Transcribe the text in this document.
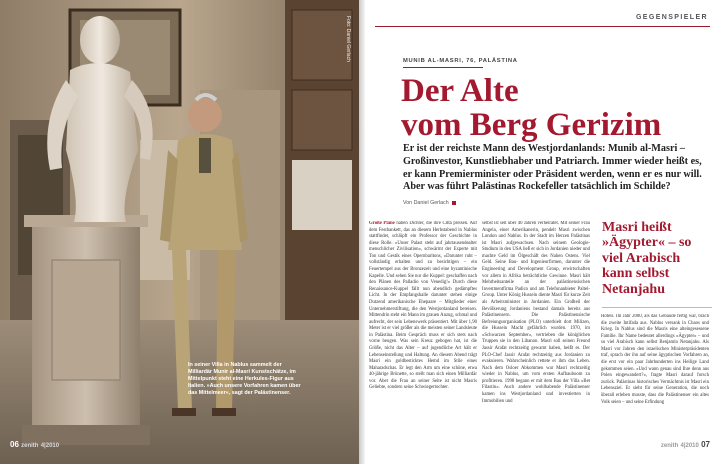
Foto: Daniel Gerlach
In seiner Villa in Nablus sammelt der Milliardär Munir al-Masri Kunstschätze, im Mittelpunkt steht eine Herkules-Figur aus Italien. »Auch unsere Vorfahren kamen über das Mittelmeer«, sagt der Palästinenser.
06 zenith 4|2010
GEGENSPIELER
MUNIB AL-MASRI, 76, PALÄSTINA
Der Alte
vom Berg Gerizim

Er ist der reichste Mann des Westjordanlands: Munib al-Masri – Großinvestor, Kunstliebhaber und Patriarch. Immer wieder heißt es, er kann Premierminister oder Präsident werden, wenn er es nur will. Aber was führt Palästinas Rockefeller tatsächlich im Schilde?

Von Daniel Gerlach

Große Pläne haben Dichter, die ihre Città preisen. Auf dem Festbankett, das an diesem Herbstabend in Nablus stattfindet, schlüpft ein Professor der Geschichte in diese Rolle. »Unser Palast steht auf jahrtausendealter menschlicher Zivilisation«, schwärmt der Experte mit Ton und Gestik eines Opernbaritons, »Darunter ruht – vollständig erhalten und zu besichtigen – ein Feuertempel aus der Bronzezeit und eine byzantinische Kapelle. Und sehen Sie nur die Kuppel: geschaffen nach den Plänen des Palladio von Venedig!« Durch diese Renaissance-Kuppel fällt nun abendlich gedämpftes Licht. In der Empfangshalle darunter stehen einige Dutzend amerikanische Ehepaare – Mitglieder einer Unternehmerstiftung, die den Westjordanland bereisen. Mittendrin steht ein Mann im grauen Anzug, schmal und aufrecht, der sein Lebenswerk präsentiert. Mit über 1,90 Meter ist er viel größer als die meisten seiner Landsleute in Palästina. Beim Gespräch muss er sich stets nach vorne beugen. Was sein Kreuz gebogen hat, ist die Größe, nicht das Alter – auf jugendliche Art hält er Lebenseinstellung und Haltung. An diesem Abend trägt Masri ein goldbesticktes Hemd im Stile eines Maharadschas. Er legt den Arm um eine schöne, etwa 40-jährige Brünette, so stellt man sich einen Milliardär vor. Aber die Frau an seiner Seite ist nicht Masris Geliebte, sondern seine Schwiegertochter.

selbst ist seit über 40 Jahren verheiratet. Mit seiner Frau Angela, einer Amerikanerin, pendelt Masri zwischen London und Nablus. In der Stadt im Herzen Palästinas ist Masri aufgewachsen. Nach seinem Geologie-Studium in den USA ließ er sich in Jordanien nieder und machte Geld im Ölgeschäft des Nahen Ostens. Viel Geld. Seine Bau- und Ingenieurfirmen, darunter die Engineering and Development Group, erwirtschaften vor allem in Afrika beträchtliche Gewinne. Masri hält Mehrheitsanteile an der palästinensischen Investmentfirma Padico und am Telefonanbieter Paltel-Group. Unter König Hussein diente Masri für kurze Zeit als Arbeitsminister in Jordanien. Ein Großteil der Bevölkerung Jordaniens bestand damals bereits aus Palästinensern. Die Palästinensische Befreiungsorganisation (PLO) unterhielt dort Milizen, die Hussein Macht gefährlich wurden. 1970, im »Schwarzen September«, vertrieben die königlichen Truppen sie in den Libanon. Masri soll seinen Freund Jassir Arafat rechtzeitig gewarnt haben, heißt es. Der PLO-Chef Jassir Arafat rechtzeitig aus Jordanien zu evakuieren. Wahrscheinlich rettete er ihm das Leben. Nach dem Osloer Abkommen war Masri rechtzeitig wieder in Nablus, um vom ersten Aufbauboom zu profitieren. 1998 begann er mit dem Bau der Villa »Bet Filastin«. Auch andere wohlhabende Palästinenser kamen ins Westjordanland und investierten in Immobilien und

Masri heißt »Ägypter« – so viel Arabisch kann selbst Netanjahu

Hotels. Im Jahr 2000, als das Gebäude fertig war, brach die zweite Intifada aus. Nablus versank in Chaos und Krieg. In Nablus sind die Masris eine alteingesessene Familie. Ihr Name bedeutet allerdings »Ägypter« – und so viel Arabisch kann selbst Benjamin Netanjahu. Als Masri vor Jahren den israelischen Ministerpräsidenten traf, sprach der ihn auf seine ägyptischen Vorfahren an, die erst vor ein paar Jahrhunderten ins Heilige Land gekommen seien. »Und wann genau sind Ihre denn aus Polen eingewandert?«, fragte Masri darauf forsch zurück. Palästinas historisches Vermächtnis ist Masri ein Lebensziel. Er sieht für seine Generation, die noch überall erleben musste, dass die Palästinenser ein altes Volk seien – und seine Erfindung

zenith 4|2010 07
